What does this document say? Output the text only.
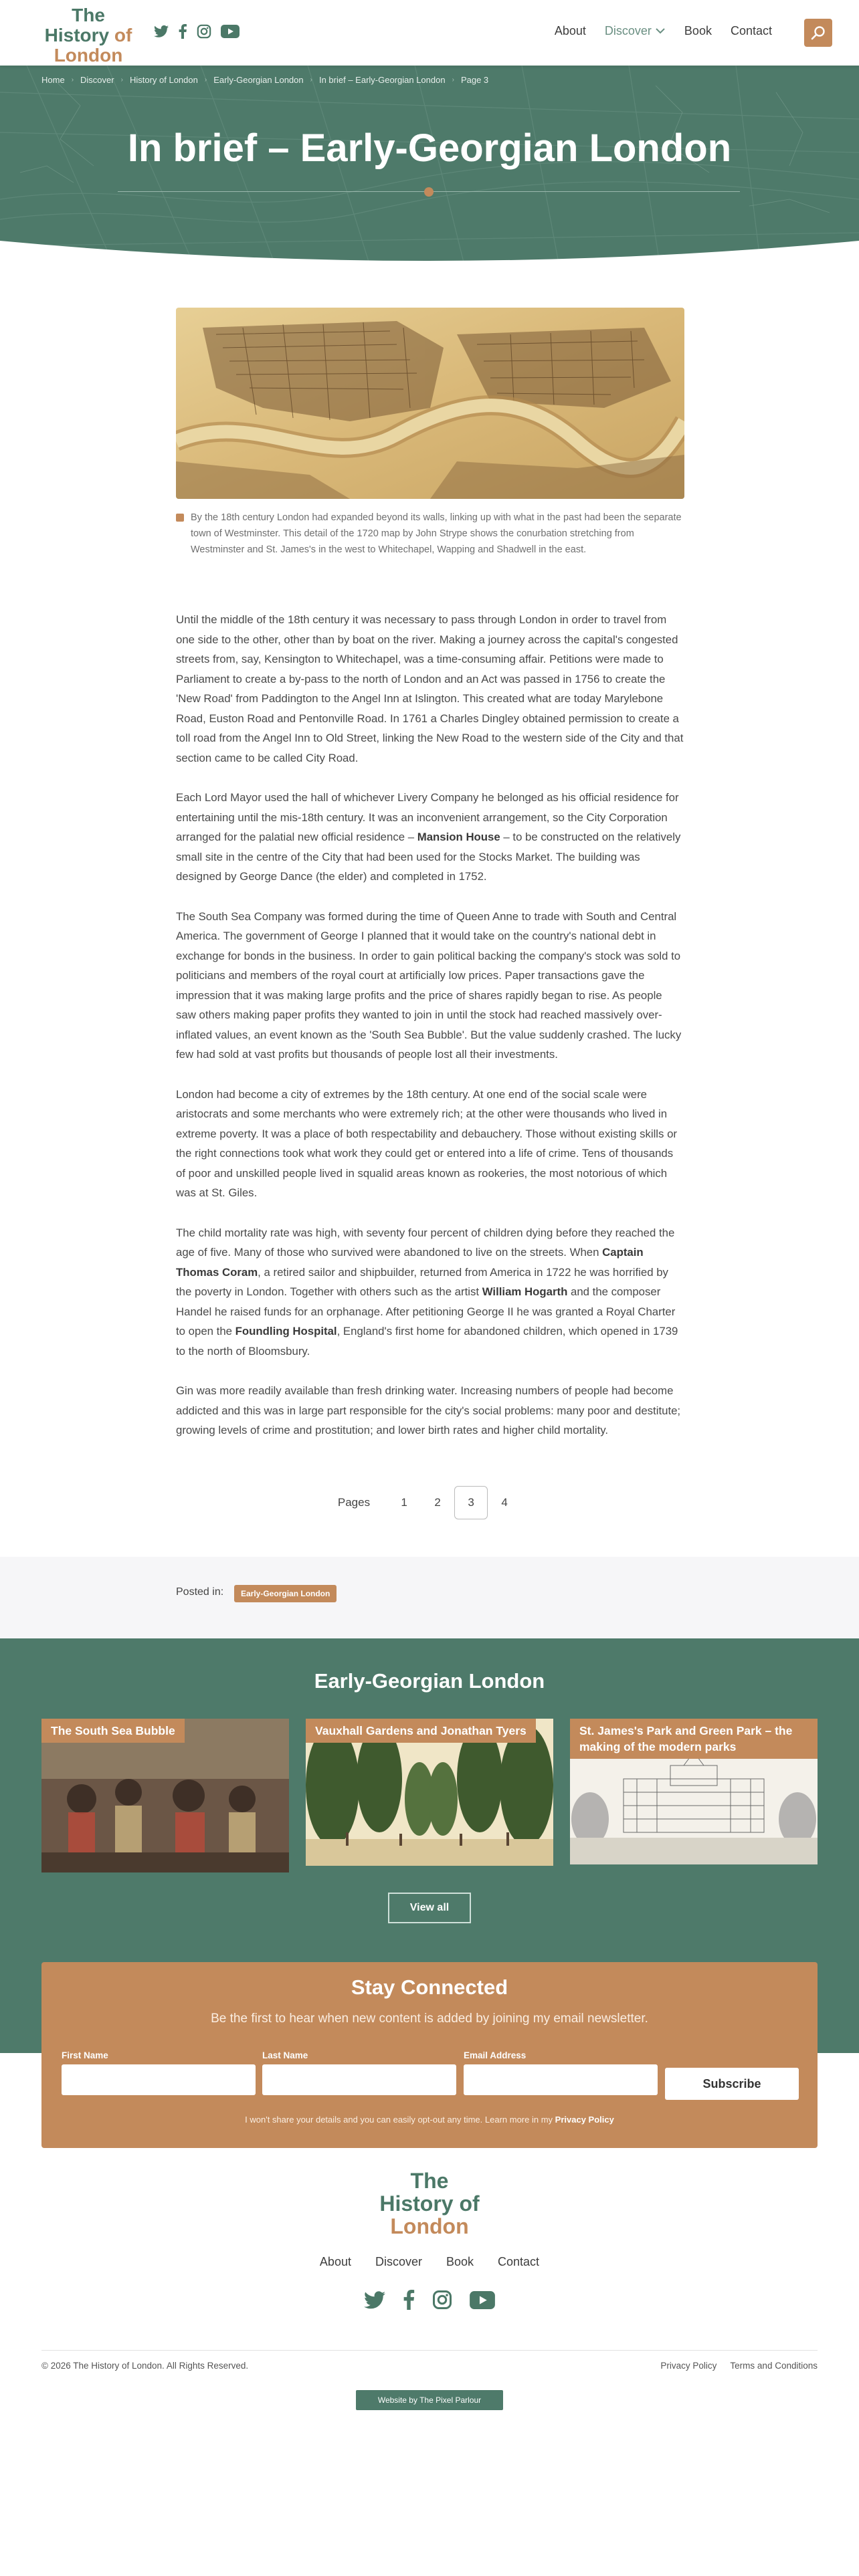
The
History of
London
About Discover	Book Contact
Home › Discover › History of London › Early-Georgian London › In brief – Early-Georgian London › Page 3
In brief – Early-Georgian London

By the 18th century London had expanded beyond its walls, linking up with what in the past had been the separate town of Westminster. This detail of the 1720 map by John Strype shows the conurbation stretching from Westminster and St. James's in the west to Whitechapel, Wapping and Shadwell in the east.

Until the middle of the 18th century it was necessary to pass through London in order to travel from one side to the other, other than by boat on the river. Making a journey across the capital's congested streets from, say, Kensington to Whitechapel, was a time-consuming affair. Petitions were made to Parliament to create a by-pass to the north of London and an Act was passed in 1756 to create the 'New Road' from Paddington to the Angel Inn at Islington. This created what are today Marylebone Road, Euston Road and Pentonville Road. In 1761 a Charles Dingley obtained permission to create a toll road from the Angel Inn to Old Street, linking the New Road to the western side of the City and that section came to be called City Road.

Each Lord Mayor used the hall of whichever Livery Company he belonged as his official residence for entertaining until the mis-18th century. It was an inconvenient arrangement, so the City Corporation arranged for the palatial new official residence – Mansion House – to be constructed on the relatively small site in the centre of the City that had been used for the Stocks Market. The building was designed by George Dance (the elder) and completed in 1752.

The South Sea Company was formed during the time of Queen Anne to trade with South and Central America. The government of George I planned that it would take on the country's national debt in exchange for bonds in the business. In order to gain political backing the company's stock was sold to politicians and members of the royal court at artificially low prices. Paper transactions gave the impression that it was making large profits and the price of shares rapidly began to rise. As people saw others making paper profits they wanted to join in until the stock had reached massively over-inflated values, an event known as the 'South Sea Bubble'. But the value suddenly crashed. The lucky few had sold at vast profits but thousands of people lost all their investments.

London had become a city of extremes by the 18th century. At one end of the social scale were aristocrats and some merchants who were extremely rich; at the other were thousands who lived in extreme poverty. It was a place of both respectability and debauchery. Those without existing skills or the right connections took what work they could get or entered into a life of crime. Tens of thousands of poor and unskilled people lived in squalid areas known as rookeries, the most notorious of which was at St. Giles.

The child mortality rate was high, with seventy four percent of children dying before they reached the age of five. Many of those who survived were abandoned to live on the streets. When Captain Thomas Coram, a retired sailor and shipbuilder, returned from America in 1722 he was horrified by the poverty in London. Together with others such as the artist William Hogarth and the composer Handel he raised funds for an orphanage. After petitioning George II he was granted a Royal Charter to open the Foundling Hospital, England's first home for abandoned children, which opened in 1739 to the north of Bloomsbury.

Gin was more readily available than fresh drinking water. Increasing numbers of people had become addicted and this was in large part responsible for the city's social problems: many poor and destitute; growing levels of crime and prostitution; and lower birth rates and higher child mortality.

Pages	1	2	3	4
Posted in:	Early-Georgian London
Early-Georgian London
The South Sea Bubble	Vauxhall Gardens and Jonathan Tyers	St. James's Park and Green Park – the making of the modern parks
View all
Stay Connected

Be the first to hear when new content is added by joining my email newsletter.

First Name	Last Name	Email Address
Subscribe

I won't share your details and you can easily opt-out any time. Learn more in my Privacy Policy

The
History of
London
About Discover Book Contact
© 2026 The History of London. All Rights Reserved.	Privacy Policy Terms and Conditions
Website by The Pixel Parlour
